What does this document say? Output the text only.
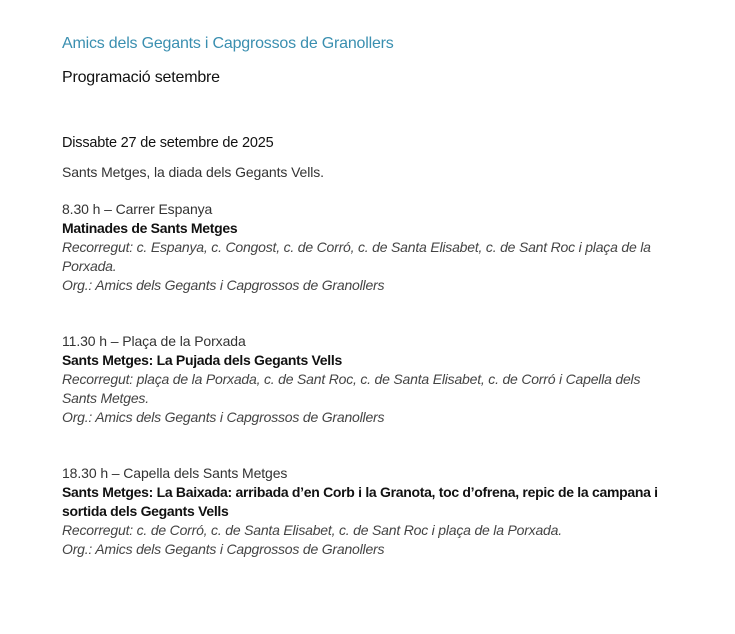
Amics dels Gegants i Capgrossos de Granollers

Programació setembre

Dissabte 27 de setembre de 2025

Sants Metges, la diada dels Gegants Vells.

8.30 h – Carrer Espanya

Matinades de Sants Metges

Recorregut: c. Espanya, c. Congost, c. de Corró, c. de Santa Elisabet, c. de Sant Roc i plaça de la Porxada.

Org.: Amics dels Gegants i Capgrossos de Granollers

11.30 h – Plaça de la Porxada

Sants Metges: La Pujada dels Gegants Vells

Recorregut: plaça de la Porxada, c. de Sant Roc, c. de Santa Elisabet, c. de Corró i Capella dels Sants Metges.

Org.: Amics dels Gegants i Capgrossos de Granollers

18.30 h – Capella dels Sants Metges

Sants Metges: La Baixada: arribada d’en Corb i la Granota, toc d’ofrena, repic de la campana i sortida dels Gegants Vells

Recorregut: c. de Corró, c. de Santa Elisabet, c. de Sant Roc i plaça de la Porxada.

Org.: Amics dels Gegants i Capgrossos de Granollers
